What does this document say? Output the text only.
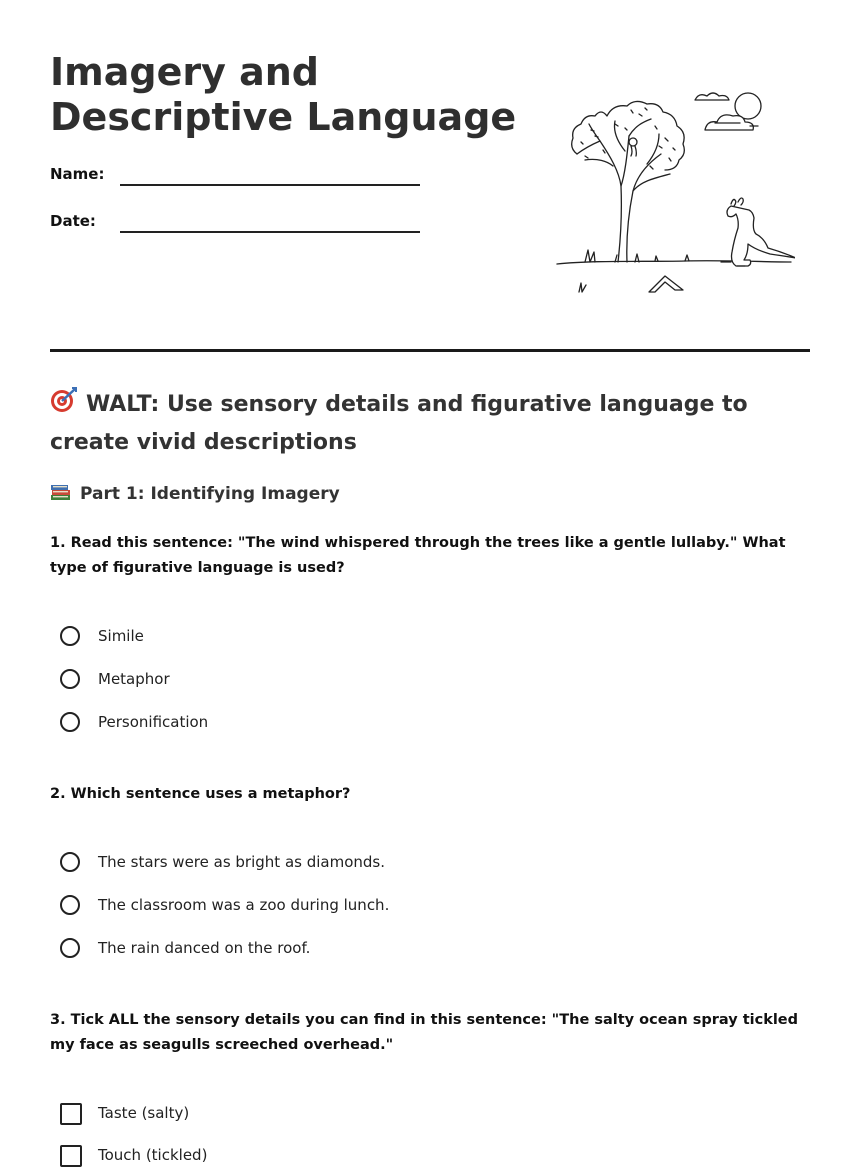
Imagery and Descriptive Language
Name:
Date:
WALT: Use sensory details and figurative language to create vivid descriptions
Part 1: Identifying Imagery

1. Read this sentence: "The wind whispered through the trees like a gentle lullaby." What type of figurative language is used?

Simile
Metaphor
Personification

2. Which sentence uses a metaphor?

The stars were as bright as diamonds.
The classroom was a zoo during lunch.
The rain danced on the roof.

3. Tick ALL the sensory details you can find in this sentence: "The salty ocean spray tickled my face as seagulls screeched overhead."

Taste (salty)
Touch (tickled)
